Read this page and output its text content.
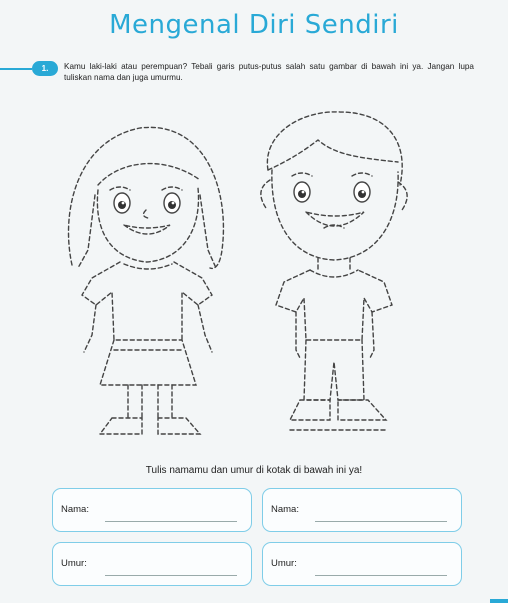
Mengenal Diri Sendiri
1.	Kamu laki-laki atau perempuan? Tebali garis putus-putus salah satu gambar di bawah ini ya. Jangan lupa tuliskan nama dan juga umurmu.
Tulis namamu dan umur di kotak di bawah ini ya!
Nama:	Nama:
Umur:	Umur:
